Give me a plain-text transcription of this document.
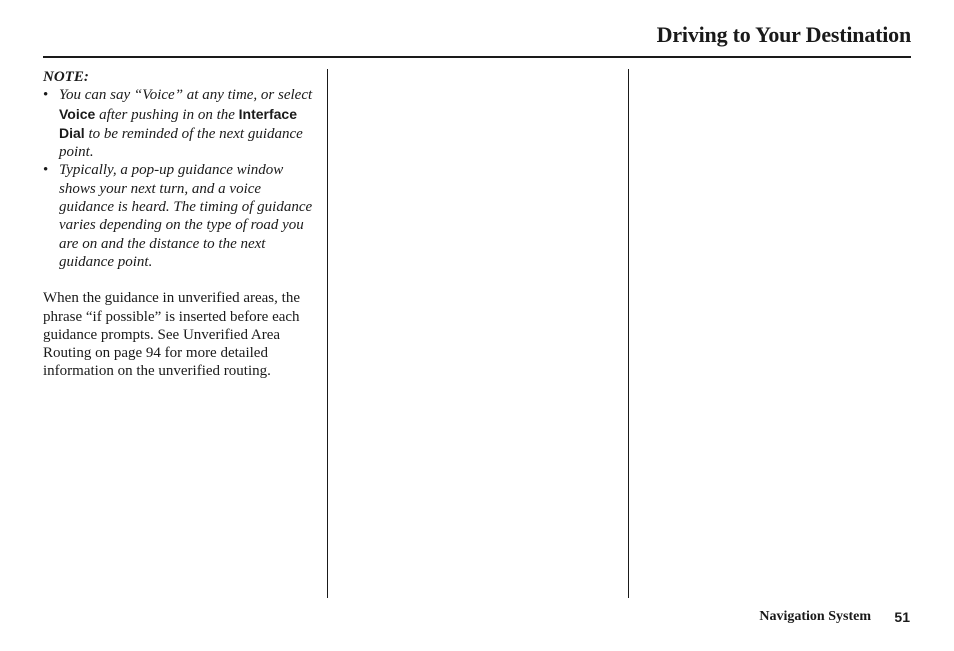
Driving to Your Destination
NOTE:
• You can say “Voice” at any time, or select Voice after pushing in on the Interface Dial to be reminded of the next guidance point.
• Typically, a pop-up guidance window shows your next turn, and a voice guidance is heard. The timing of guidance varies depending on the type of road you are on and the distance to the next guidance point.

When the guidance in unverified areas, the phrase “if possible” is inserted before each guidance prompts. See Unverified Area Routing on page 94 for more detailed information on the unverified routing.

Navigation System 51
